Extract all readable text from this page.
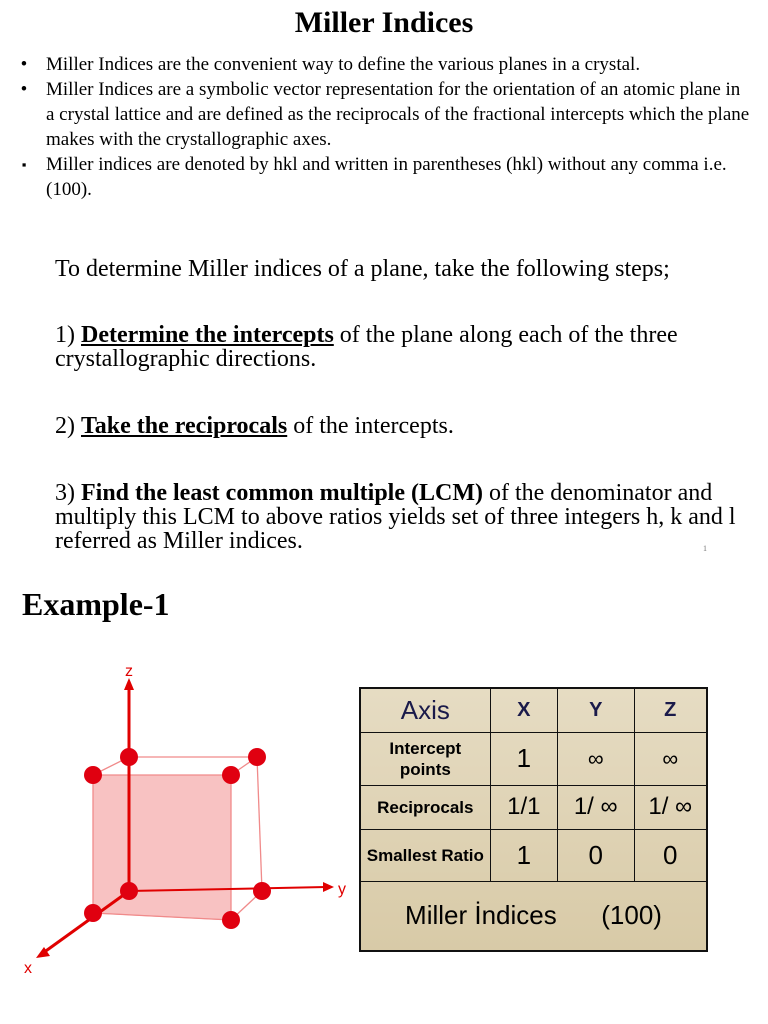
Miller Indices
• Miller Indices are the convenient way to define the various planes in a crystal.
• Miller Indices are a symbolic vector representation for the orientation of an atomic plane in a crystal lattice and are defined as the reciprocals of the fractional intercepts which the plane makes with the crystallographic axes.
▪ Miller indices are denoted by hkl and written in parentheses (hkl) without any comma i.e. (100).
To determine Miller indices of a plane, take the following steps;
1) Determine the intercepts of the plane along each of the three crystallographic directions.
2) Take the reciprocals of the intercepts.
3) Find the least common multiple (LCM) of the denominator and multiply this LCM to above ratios yields set of three integers h, k and l referred as Miller indices.	1
Example-1
z
y
x
Axis	X	Y	Z
Intercept points	1	∞	∞
Reciprocals	1/1	1/ ∞	1/ ∞
Smallest Ratio	1	0	0
Miller İndices (100)			
